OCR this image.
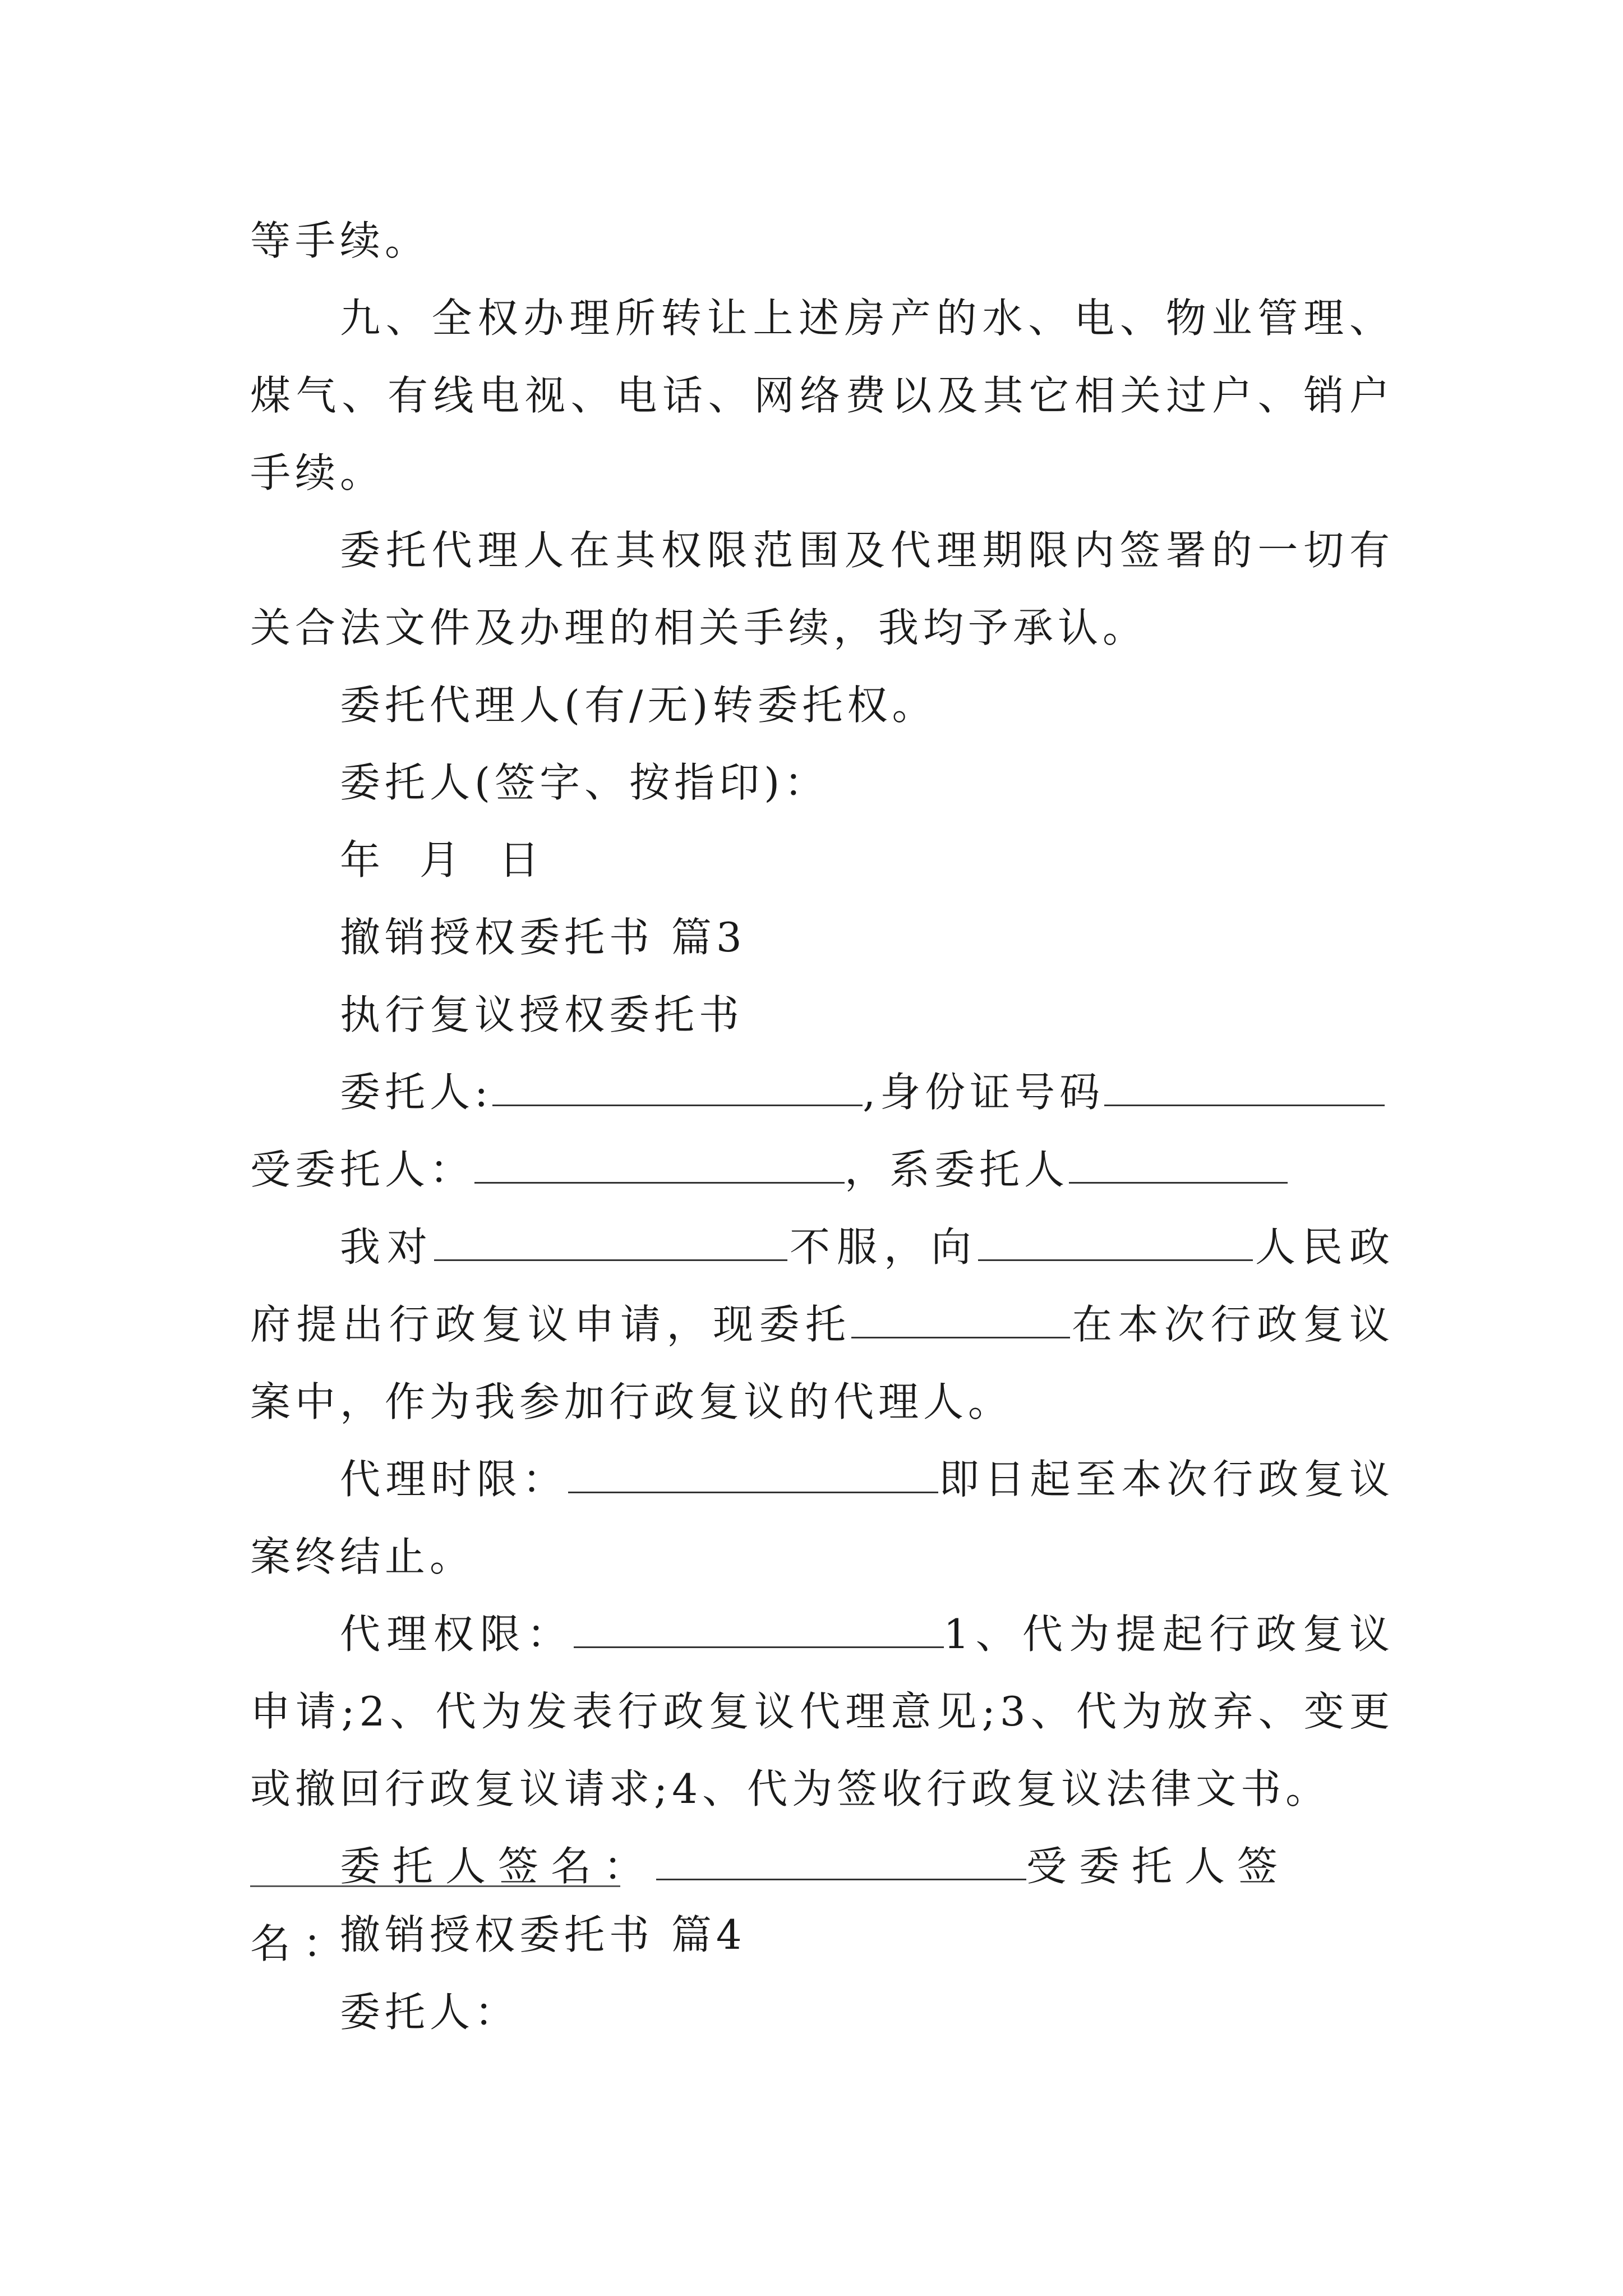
等手续。

九、全权办理所转让上述房产的水、电、物业管理、煤气、有线电视、电话、网络费以及其它相关过户、销户手续。

委托代理人在其权限范围及代理期限内签署的一切有关合法文件及办理的相关手续，我均予承认。

委托代理人(有/无)转委托权。

委托人(签字、按指印)：

年  月  日

撤销授权委托书 篇3

执行复议授权委托书

委托人:	,身份证号码

受委托人：	，系委托人

我对	不服，向	人民政府提出行政复议申请，现委托	在本次行政复议案中，作为我参加行政复议的代理人。

代理时限：	即日起至本次行政复议案终结止。

代理权限：	1、代为提起行政复议申请;2、代为发表行政复议代理意见;3、代为放弃、变更或撤回行政复议请求;4、代为签收行政复议法律文书。

委托人签名：	受委托人签名：

撤销授权委托书 篇4

委托人：
